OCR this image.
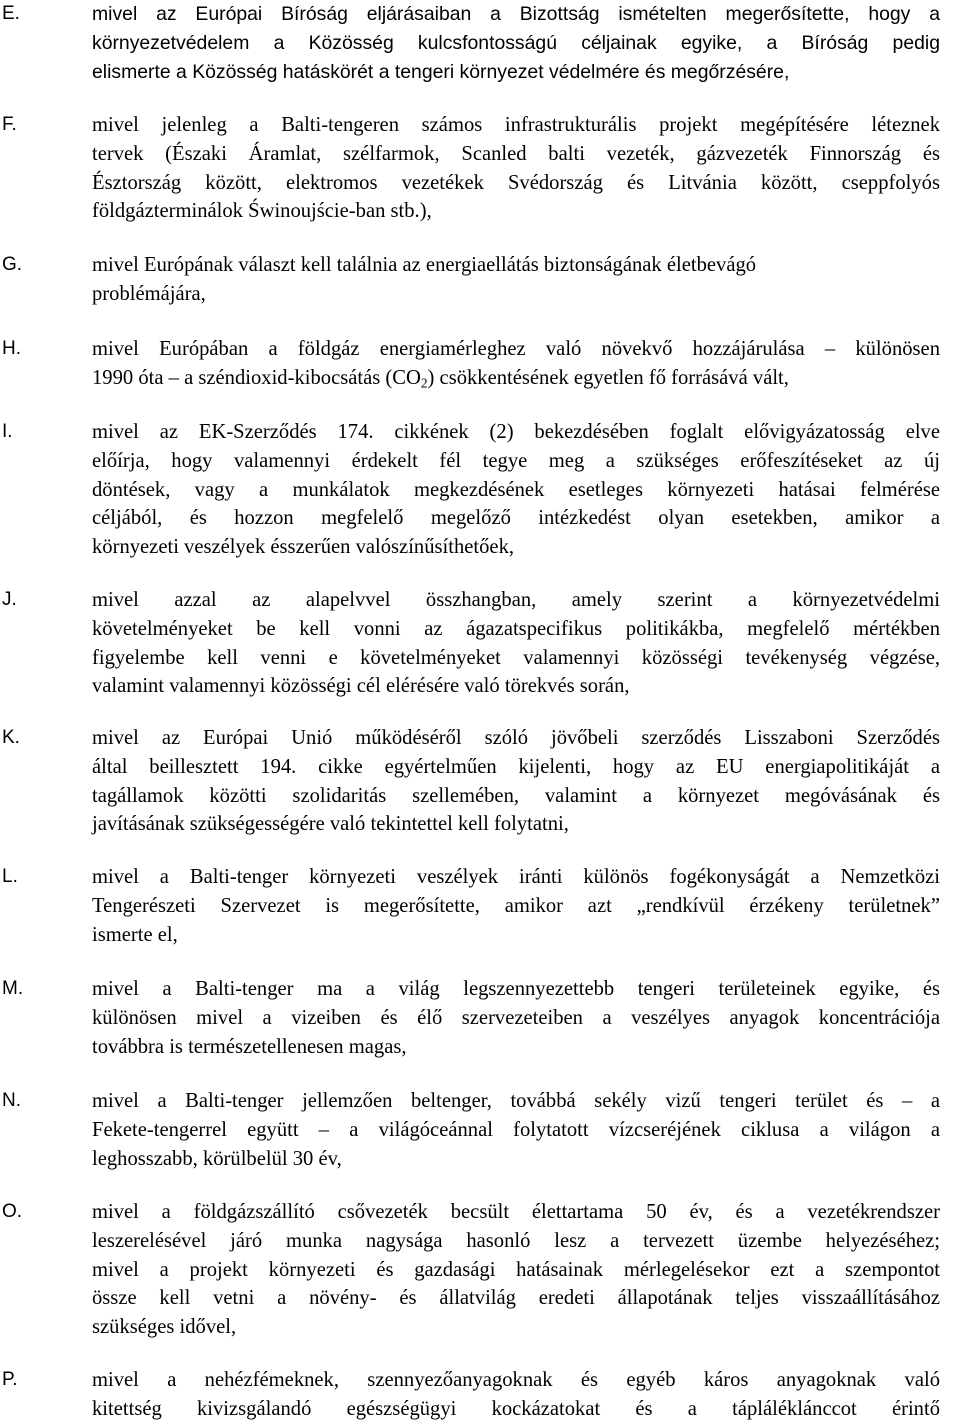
E.	mivel az Európai Bíróság eljárásaiban a Bizottság ismételten megerősítette, hogy a
környezetvédelem a Közösség kulcsfontosságú céljainak egyike, a Bíróság pedig
elismerte a Közösség hatáskörét a tengeri környezet védelmére és megőrzésére,
F.	mivel jelenleg a Balti-tengeren számos infrastrukturális projekt megépítésére léteznek
tervek (Északi Áramlat, szélfarmok, Scanled balti vezeték, gázvezeték Finnország és
Észtország között, elektromos vezetékek Svédország és Litvánia között, cseppfolyós
földgázterminálok Świnoujście-ban stb.),
G.	mivel Európának választ kell találnia az energiaellátás biztonságának életbevágó
problémájára,
H.	mivel Európában a földgáz energiamérleghez való növekvő hozzájárulása – különösen
1990 óta – a széndioxid-kibocsátás $(CO_2)$ csökkentésének egyetlen fő forrásává vált,
I.	mivel az EK-Szerződés 174. cikkének (2) bekezdésében foglalt elővigyázatosság elve
előírja, hogy valamennyi érdekelt fél tegye meg a szükséges erőfeszítéseket az új
döntések, vagy a munkálatok megkezdésének esetleges környezeti hatásai felmérése
céljából, és hozzon megfelelő megelőző intézkedést olyan esetekben, amikor a
környezeti veszélyek ésszerűen valószínűsíthetőek,
J.	mivel azzal az alapelvvel összhangban, amely szerint a környezetvédelmi
követelményeket be kell vonni az ágazatspecifikus politikákba, megfelelő mértékben
figyelembe kell venni e követelményeket valamennyi közösségi tevékenység végzése,
valamint valamennyi közösségi cél elérésére való törekvés során,
K.	mivel az Európai Unió működéséről szóló jövőbeli szerződés Lisszaboni Szerződés
által beillesztett 194. cikke egyértelműen kijelenti, hogy az EU energiapolitikáját a
tagállamok közötti szolidaritás szellemében, valamint a környezet megóvásának és
javításának szükségességére való tekintettel kell folytatni,
L.	mivel a Balti-tenger környezeti veszélyek iránti különös fogékonyságát a Nemzetközi
Tengerészeti Szervezet is megerősítette, amikor azt „rendkívül érzékeny területnek”
ismerte el,
M.	mivel a Balti-tenger ma a világ legszennyezettebb tengeri területeinek egyike, és
különösen mivel a vizeiben és élő szervezeteiben a veszélyes anyagok koncentrációja
továbbra is természetellenesen magas,
N.	mivel a Balti-tenger jellemzően beltenger, továbbá sekély vizű tengeri terület és – a
Fekete-tengerrel együtt – a világóceánnal folytatott vízcseréjének ciklusa a világon a
leghosszabb, körülbelül 30 év,
O.	mivel a földgázszállító csővezeték becsült élettartama 50 év, és a vezetékrendszer
leszerelésével járó munka nagysága hasonló lesz a tervezett üzembe helyezéséhez;
mivel a projekt környezeti és gazdasági hatásainak mérlegelésekor ezt a szempontot
össze kell vetni a növény- és állatvilág eredeti állapotának teljes visszaállításához
szükséges idővel,
P.	mivel a nehézfémeknek, szennyezőanyagoknak és egyéb káros anyagoknak való
kitettség kivizsgálandó egészségügyi kockázatokat és a tápláléklánccot érintő
